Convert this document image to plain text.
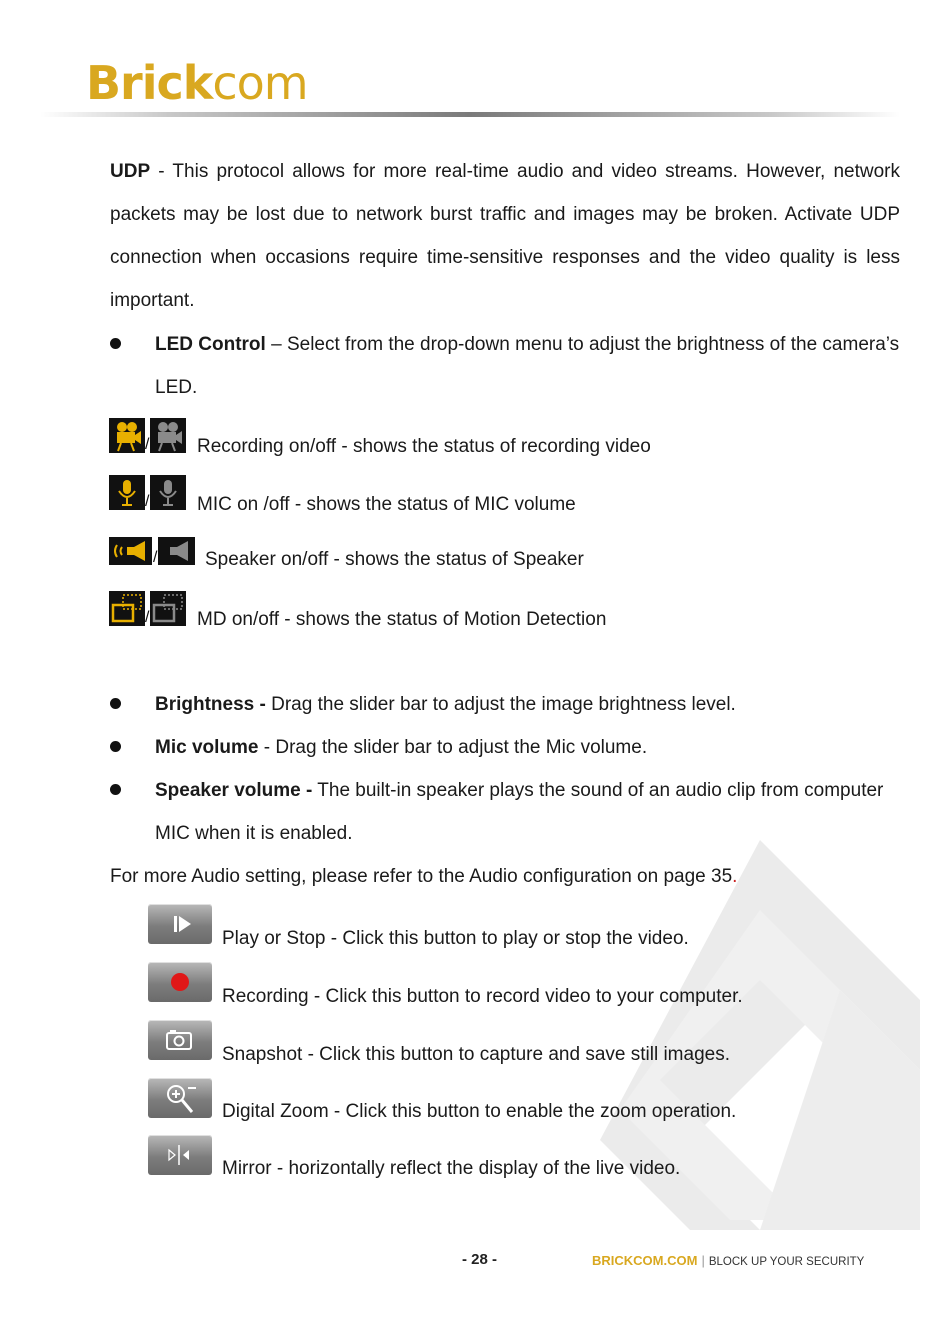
Brickcom
UDP - This protocol allows for more real-time audio and video streams. However, network packets may be lost due to network burst traffic and images may be broken. Activate UDP connection when occasions require time-sensitive responses and the video quality is less important.
LED Control – Select from the drop-down menu to adjust the brightness of the camera’s
LED.
/	Recording on/off - shows the status of recording video
/	MIC on /off - shows the status of MIC volume
/	Speaker on/off - shows the status of Speaker
/	MD on/off - shows the status of Motion Detection
Brightness - Drag the slider bar to adjust the image brightness level.
Mic volume - Drag the slider bar to adjust the Mic volume.
Speaker volume - The built-in speaker plays the sound of an audio clip from computer
MIC when it is enabled.
For more Audio setting, please refer to the Audio configuration on page 35.
Play or Stop - Click this button to play or stop the video.
Recording - Click this button to record video to your computer.
Snapshot - Click this button to capture and save still images.
Digital Zoom - Click this button to enable the zoom operation.
Mirror - horizontally reflect the display of the live video.
- 28 -	BRICKCOM.COM | BLOCK UP YOUR SECURITY
